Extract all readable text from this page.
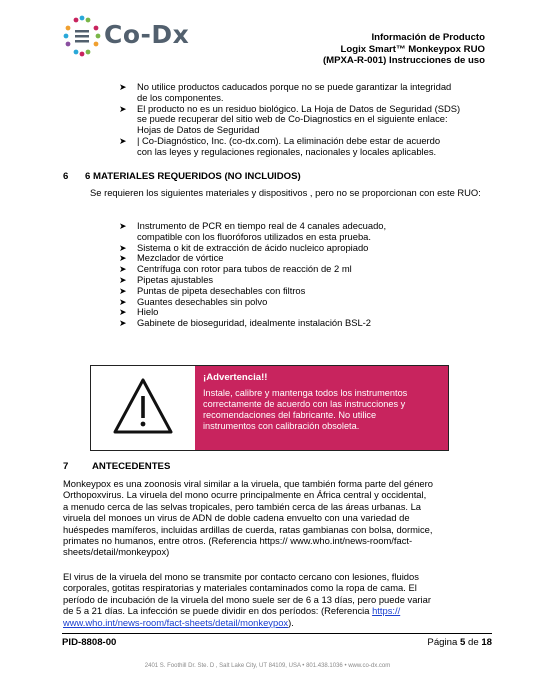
Co-Dx	Información de Producto
Logix Smart™ Monkeypox RUO
(MPXA-R-001) Instrucciones de uso
➤ No utilice productos caducados porque no se puede garantizar la integridad
de los componentes.
➤ El producto no es un residuo biológico. La Hoja de Datos de Seguridad (SDS)
se puede recuperar del sitio web de Co-Diagnostics en el siguiente enlace:
Hojas de Datos de Seguridad
➤ | Co-Diagnóstico, Inc. (co-dx.com). La eliminación debe estar de acuerdo
con las leyes y regulaciones regionales, nacionales y locales aplicables.
6 6 MATERIALES REQUERIDOS (NO INCLUIDOS)

Se requieren los siguientes materiales y dispositivos , pero no se proporcionan con este RUO:

➤ Instrumento de PCR en tiempo real de 4 canales adecuado,
compatible con los fluoróforos utilizados en esta prueba.
➤ Sistema o kit de extracción de ácido nucleico apropiado
➤ Mezclador de vórtice
➤ Centrífuga con rotor para tubos de reacción de 2 ml
➤ Pipetas ajustables
➤ Puntas de pipeta desechables con filtros
➤ Guantes desechables sin polvo
➤ Hielo
➤ Gabinete de bioseguridad, idealmente instalación BSL-2
¡Advertencia!!
Instale, calibre y mantenga todos los instrumentos
correctamente de acuerdo con las instrucciones y
recomendaciones del fabricante. No utilice
instrumentos con calibración obsoleta.
7 ANTECEDENTES
Monkeypox es una zoonosis viral similar a la viruela, que también forma parte del género
Orthopoxvirus. La viruela del mono ocurre principalmente en África central y occidental,
a menudo cerca de las selvas tropicales, pero también cerca de las áreas urbanas. La
viruela del monoes un virus de ADN de doble cadena envuelto con una variedad de
huéspedes mamíferos, incluidas ardillas de cuerda, ratas gambianas con bolsa, dormice,
primates no humanos, entre otros. (Referencia https:// www.who.int/news-room/fact-
sheets/detail/monkeypox)
El virus de la viruela del mono se transmite por contacto cercano con lesiones, fluidos
corporales, gotitas respiratorias y materiales contaminados como la ropa de cama. El
período de incubación de la viruela del mono suele ser de 6 a 13 días, pero puede variar
de 5 a 21 días. La infección se puede dividir en dos períodos: (Referencia https://
www.who.int/news-room/fact-sheets/detail/monkeypox).
PID-8808-00	Página 5 de 18
2401 S. Foothill Dr. Ste. D , Salt Lake City, UT 84109, USA • 801.438.1036 • www.co-dx.com
